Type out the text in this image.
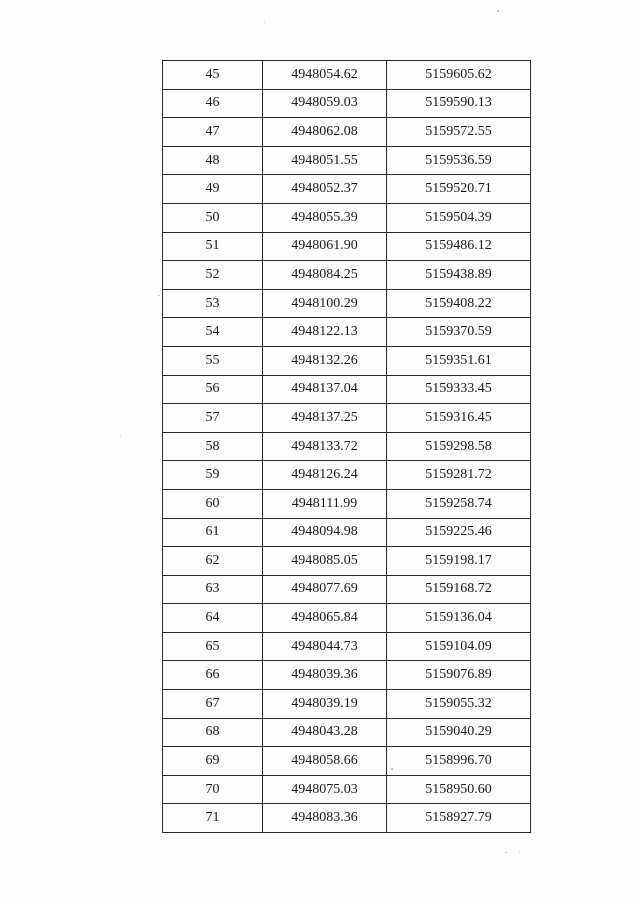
45	4948054.62	5159605.62
46	4948059.03	5159590.13
47	4948062.08	5159572.55
48	4948051.55	5159536.59
49	4948052.37	5159520.71
50	4948055.39	5159504.39
51	4948061.90	5159486.12
52	4948084.25	5159438.89
53	4948100.29	5159408.22
54	4948122.13	5159370.59
55	4948132.26	5159351.61
56	4948137.04	5159333.45
57	4948137.25	5159316.45
58	4948133.72	5159298.58
59	4948126.24	5159281.72
60	4948111.99	5159258.74
61	4948094.98	5159225.46
62	4948085.05	5159198.17
63	4948077.69	5159168.72
64	4948065.84	5159136.04
65	4948044.73	5159104.09
66	4948039.36	5159076.89
67	4948039.19	5159055.32
68	4948043.28	5159040.29
69	4948058.66	5158996.70
70	4948075.03	5158950.60
71	4948083.36	5158927.79
